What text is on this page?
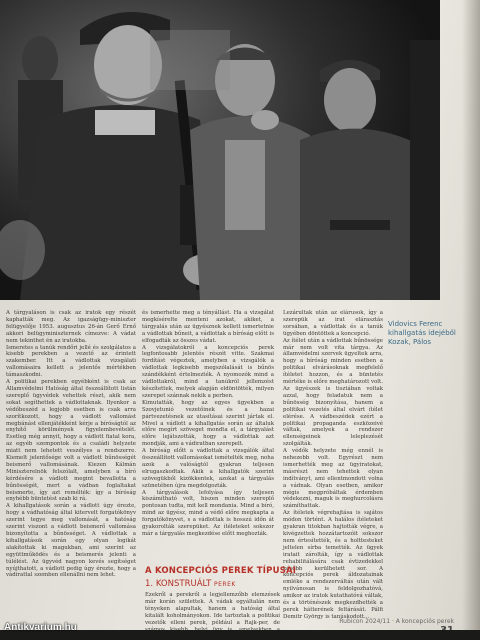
Vidovics Ferenc
kihallgatás idejéből
Kozak, Pálos

A tárgyaláson is csak az iratok egy részét kaphatták meg. Az igazságügy-miniszter felügyelője 1953. augusztus 26-án Gerő Ernő akkori belügyminiszternek címezve: A vádat nem tekinthet én az iratokba.

Ismeretes a tanúk rendőri jellé és szolgálatos a kisebb perekben a vezető az érintett szakember. Itt a vádlottak vizsgálati vallomásaira kellett a jelentős mértékben támaszkodni.

A politikai perekben egyébként is csak az Államvédelmi Hatóság által összeállított listán szereplő ügyvédek vehettek részt, akik nem sokat segíthettek a vádlottaknak. Ilyenkor a védőbeszéd a legjobb esetben is csak arra szorítkozott, hogy a vádlott vallomást megbánást ellenjátékként kérje a bíróságtól az enyhítő körülmények figyelembevételét. Esetleg még annyit, hogy a vádlott fiatal kora, az egyéb szempontok és a családi helyzete miatt nem lehetett veszélyes a rendszerre. Kiemelt jelentősége volt a vádlott bűnösségét beismerő vallomásának. Kiezen Kálmán Miniszterelnök felszólalt, amelyben a bíró kérdésére a vádlott megint bevallotta a bűnösségét, mert a vádban foglaltakat beismerte, így azt remélték: így a bíróság enyhébb büntetést szab ki rá.

A kihallgatások során a vádlott úgy érezte, hogy a vádhatóság által kitervelt forgatókönyv szerint tegye meg vallomását, a hatóság szerint viszont a vádlott beismerő vallomása bizonyította a bűnösséget. A vádlottak a kihallgatások során egy olyan logikát alakítottak ki magukban, ami szerint az együttműködés és a beismerés jelenti a túlélést. Az ügyvéd nagyon kevés segítséget nyújthatott, a vádlott pedig úgy érezte, hogy a vádirattal szemben ellenállni nem lehet.

és ismerhette meg a tényállást. Ha a vizsgálat megkísérelte menteni azokat, akiket, a tárgyalás után az ügyésznek kellett ismertetnie a vádlottak bűneit, a vádlottak a bíróság előtt is elfogadták az összes vádat.

A vizsgálatokról a koncepciós perek legfontosabb jelentés részét vitte. Szakmai fordítást végeztek, amelyben a vizsgálók a vádlottak legkisebb megszólalását is bűnös szándékként értelmezték. A nyomozók mind a vádlottakról, mind a tanúkról jellemzést készítettek, melyek alapján eldöntötték, milyen szerepet szánnak nekik a perben.

Kimutatták, hogy az egyes ügyekben a Szovjetunió vezetőinek és a hazai pártvezetésnek az utasításai szerint jártak el. Mivel a vádlott a kihallgatás során az általuk előre megírt szöveget mondta el, a tárgyalást előre lejátszották, hogy a vádlottak azt mondják, ami a vádiratban szerepelt.

A bíróság előtt a vádlottak a vizsgálók által összeállított vallomásokat ismételték meg, noha azok a valóságtól gyakran teljesen elrugaszkodtak. Akik a kihallgatók szerint szövegükből kizökkentek, azokat a tárgyalás szünetében újra megdolgozták.

A tárgyalások lefolyása így teljesen kiszámítható volt, hiszen minden szereplő pontosan tudta, mit kell mondania. Mind a bíró, mind az ügyész, mind a védő előre megkapta a forgatókönyvet, s a vádlottak is hosszú időn át gyakorolták szerepüket. Az ítéleteket sokszor már a tárgyalás megkezdése előtt meghozták.

Lezárultak után az elárusok, így a szerepük az irat elárasztás sorsában, a vádlottak és a tanúk ügyében döntöttek a koncepció.

Az ítélet után a vádlottak bűnössége már nem volt vita tárgya. Az államvédelmi szervek ügyeltek arra, hogy a bíróság minden esetben a politikai elvárásoknak megfelelő ítéletet hozzon, és a büntetés mértéke is előre meghatározott volt.

Az ügyészek is tisztában voltak azzal, hogy feladatuk nem a bűnösség bizonyítása, hanem a politikai vezetés által elvárt ítélet elérése. A vádbeszédek ezért a politikai propaganda eszközeivé váltak, amelyek a rendszer ellenségeinek leleplezését szolgálták.

A védők helyzete még ennél is nehezebb volt. Egyrészt nem ismerhették meg az ügyiratokat, másrészt nem tehettek olyan indítványt, ami ellentmondott volna a vádnak. Olyan esetben, amikor mégis megpróbáltak érdemben védekezni, maguk is meghurcolásra számíthattak.

Az ítéletek végrehajtása is sajátos módon történt. A halálos ítéleteket gyakran titokban hajtották végre, a kivégzettek hozzátartozóit sokszor nem értesítették, és a holttesteket jeltelen sírba temették. Az ügyek iratait zárolták, így a vádlottak rehabilitálására csak évtizedekkel később kerülhetett sor. A koncepciós perek áldozatainak emléke a rendszerváltás után vált nyilvánosan is feldolgozhatóvá, amikor az iratok kutathatóvá váltak, és a történészek megkezdhették a perek hátterének feltárását. Pálfi Demitr György is tanúskodott...

A KONCEPCIÓS PEREK TÍPUSAI
1. KONSTRUÁLT PEREK
Ezekről a perekről a legjellemzőbb elemzések már korán születtek. A vádak egyáltalán nem tényeken alapultak, hanem a hatóság által kitalált koholmányokon. Ide tartoztak a politikai vezetők elleni perek, például a Rajk-per, de	Rubicon 2024/11 · A koncepciós perek
Antikvarium.hu
